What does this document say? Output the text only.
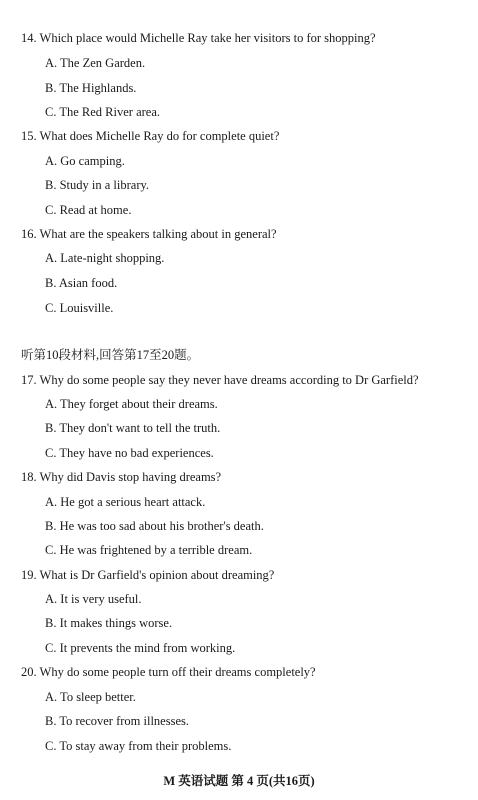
14. Which place would Michelle Ray take her visitors to for shopping?
A. The Zen Garden.
B. The Highlands.
C. The Red River area.
15. What does Michelle Ray do for complete quiet?
A. Go camping.
B. Study in a library.
C. Read at home.
16. What are the speakers talking about in general?
A. Late-night shopping.
B. Asian food.
C. Louisville.
听第10段材料,回答第17至20题。
17. Why do some people say they never have dreams according to Dr Garfield?
A. They forget about their dreams.
B. They don't want to tell the truth.
C. They have no bad experiences.
18. Why did Davis stop having dreams?
A. He got a serious heart attack.
B. He was too sad about his brother's death.
C. He was frightened by a terrible dream.
19. What is Dr Garfield's opinion about dreaming?
A. It is very useful.
B. It makes things worse.
C. It prevents the mind from working.
20. Why do some people turn off their dreams completely?
A. To sleep better.
B. To recover from illnesses.
C. To stay away from their problems.
M 英语试题 第 4 页(共16页)
